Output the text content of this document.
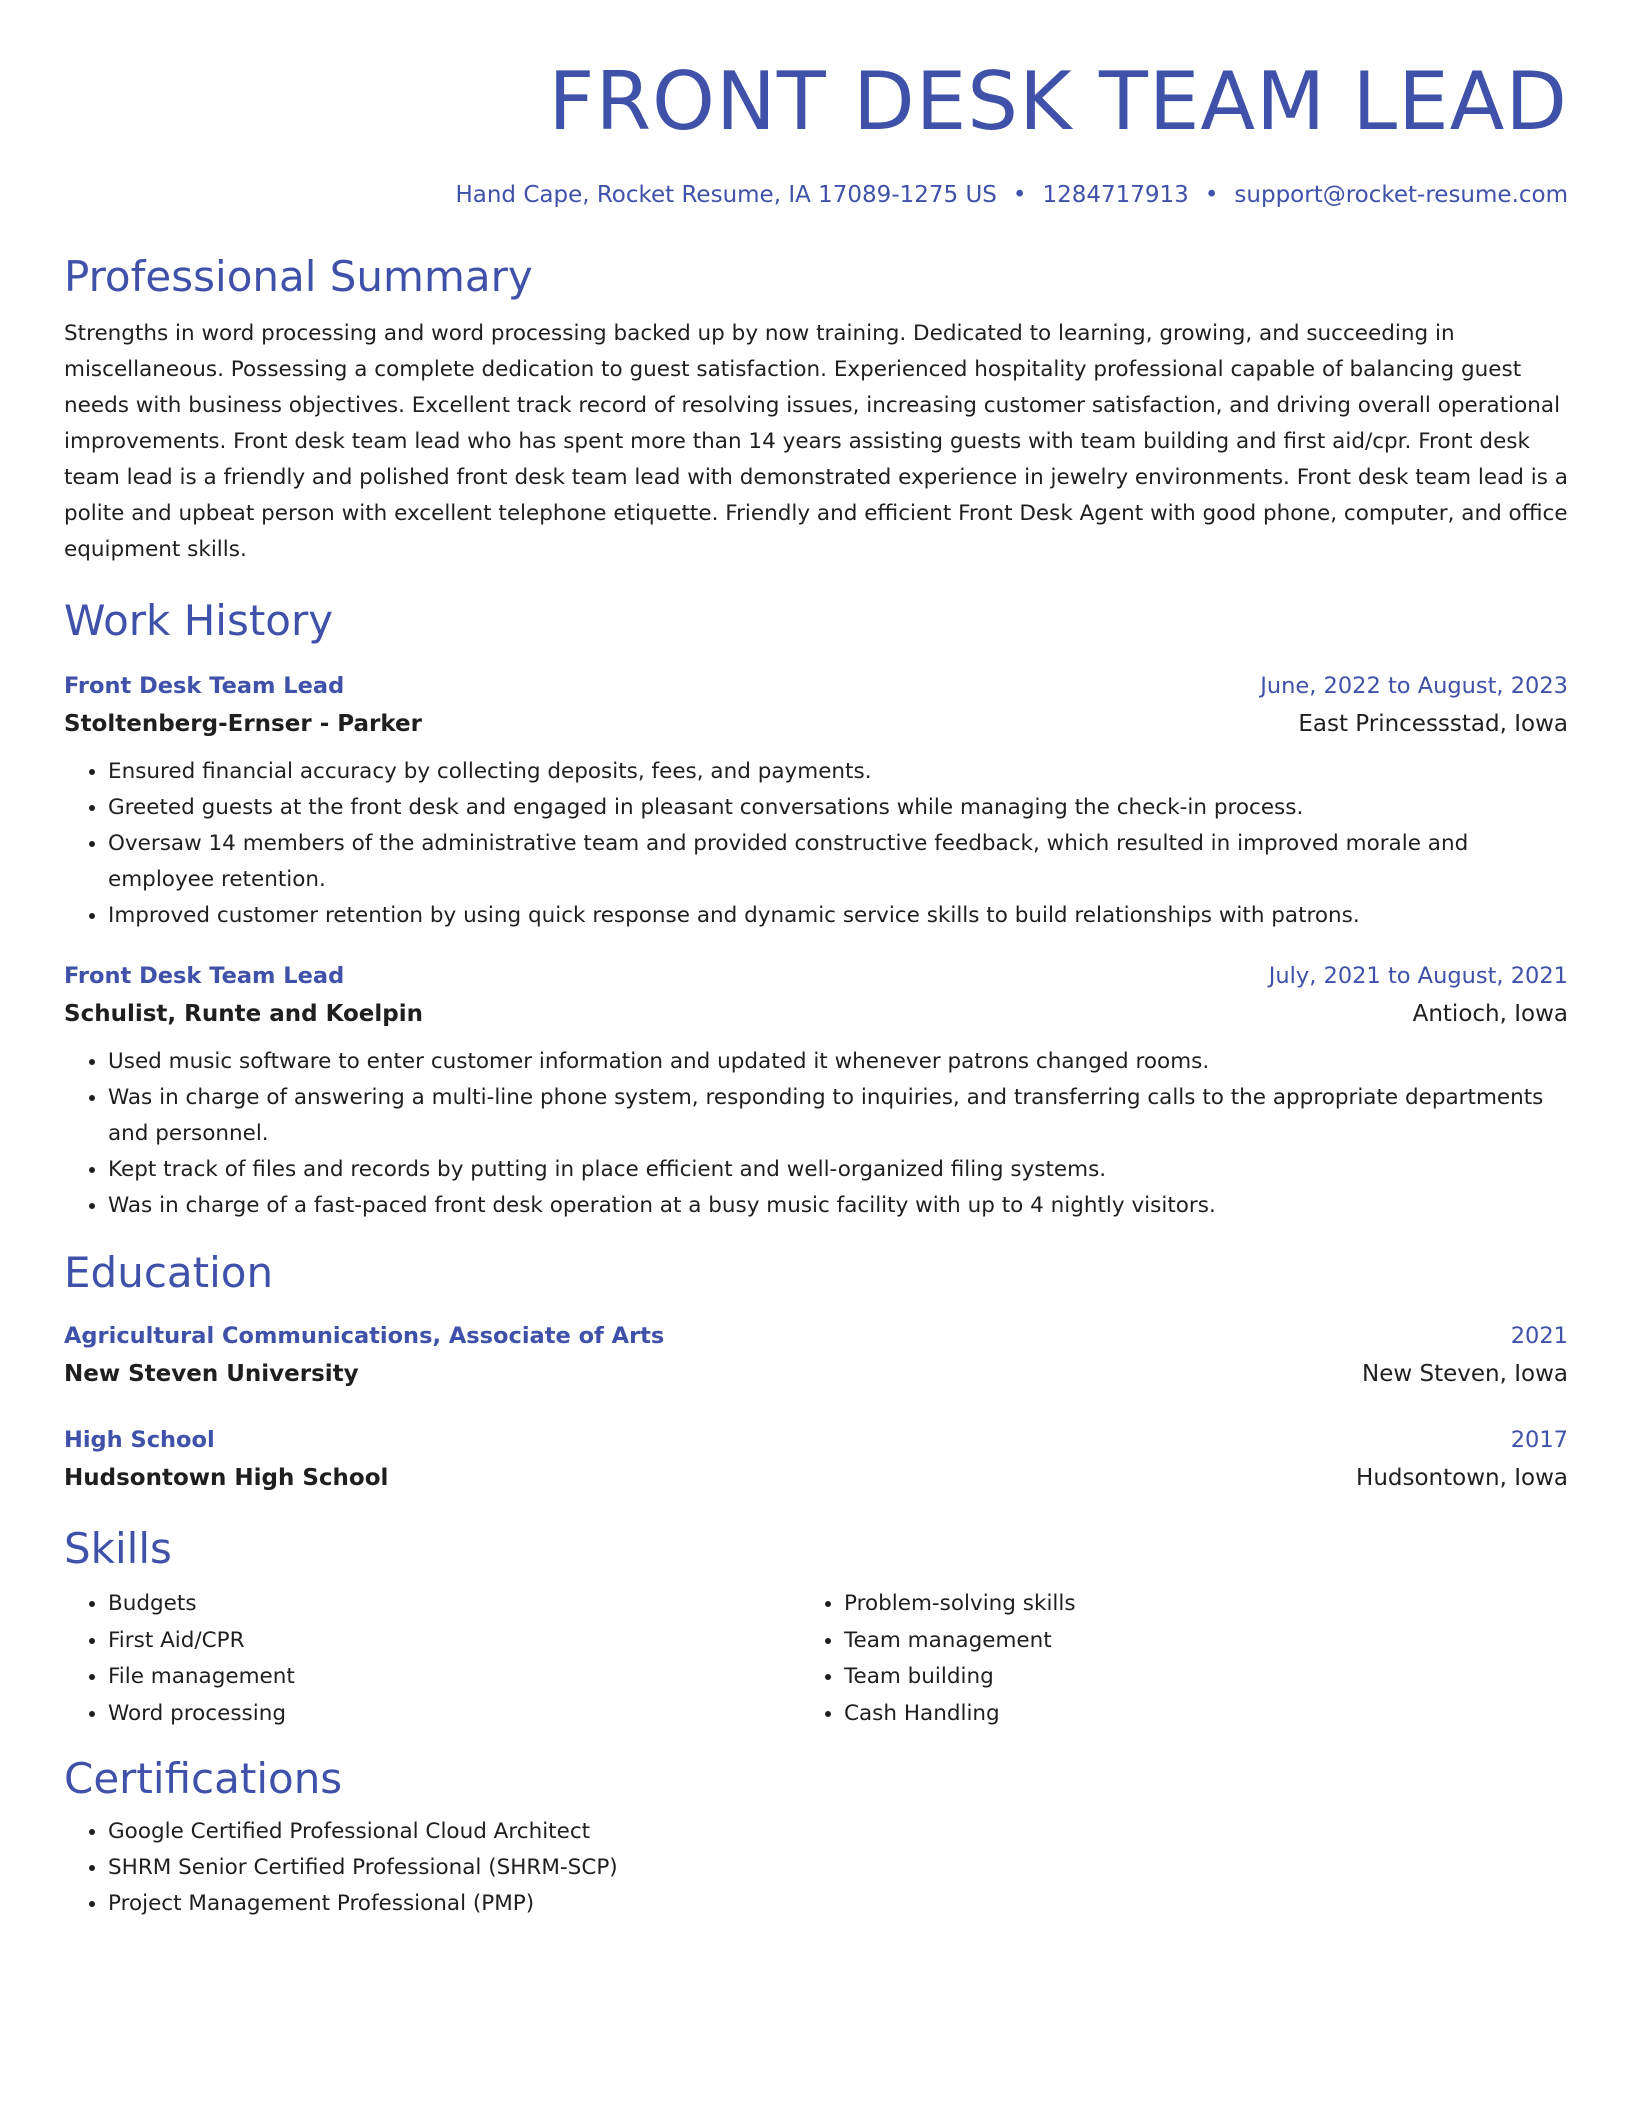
FRONT DESK TEAM LEAD
Hand Cape, Rocket Resume, IA 17089-1275 US • 1284717913 • support@rocket-resume.com
Professional Summary
Strengths in word processing and word processing backed up by now training. Dedicated to learning, growing, and succeeding in miscellaneous. Possessing a complete dedication to guest satisfaction. Experienced hospitality professional capable of balancing guest needs with business objectives. Excellent track record of resolving issues, increasing customer satisfaction, and driving overall operational improvements. Front desk team lead who has spent more than 14 years assisting guests with team building and first aid/cpr. Front desk team lead is a friendly and polished front desk team lead with demonstrated experience in jewelry environments. Front desk team lead is a polite and upbeat person with excellent telephone etiquette. Friendly and efficient Front Desk Agent with good phone, computer, and office equipment skills.
Work History
Front Desk Team Lead	June, 2022 to August, 2023
Stoltenberg-Ernser - Parker	East Princessstad, Iowa
• Ensured financial accuracy by collecting deposits, fees, and payments.
• Greeted guests at the front desk and engaged in pleasant conversations while managing the check-in process.
• Oversaw 14 members of the administrative team and provided constructive feedback, which resulted in improved morale and employee retention.
• Improved customer retention by using quick response and dynamic service skills to build relationships with patrons.
Front Desk Team Lead	July, 2021 to August, 2021
Schulist, Runte and Koelpin	Antioch, Iowa
• Used music software to enter customer information and updated it whenever patrons changed rooms.
• Was in charge of answering a multi-line phone system, responding to inquiries, and transferring calls to the appropriate departments and personnel.
• Kept track of files and records by putting in place efficient and well-organized filing systems.
• Was in charge of a fast-paced front desk operation at a busy music facility with up to 4 nightly visitors.
Education
Agricultural Communications, Associate of Arts	2021
New Steven University	New Steven, Iowa
High School	2017
Hudsontown High School	Hudsontown, Iowa
Skills
• Budgets
• First Aid/CPR
• File management
• Word processing
• Problem-solving skills
• Team management
• Team building
• Cash Handling
Certifications
• Google Certified Professional Cloud Architect
• SHRM Senior Certified Professional (SHRM-SCP)
• Project Management Professional (PMP)
